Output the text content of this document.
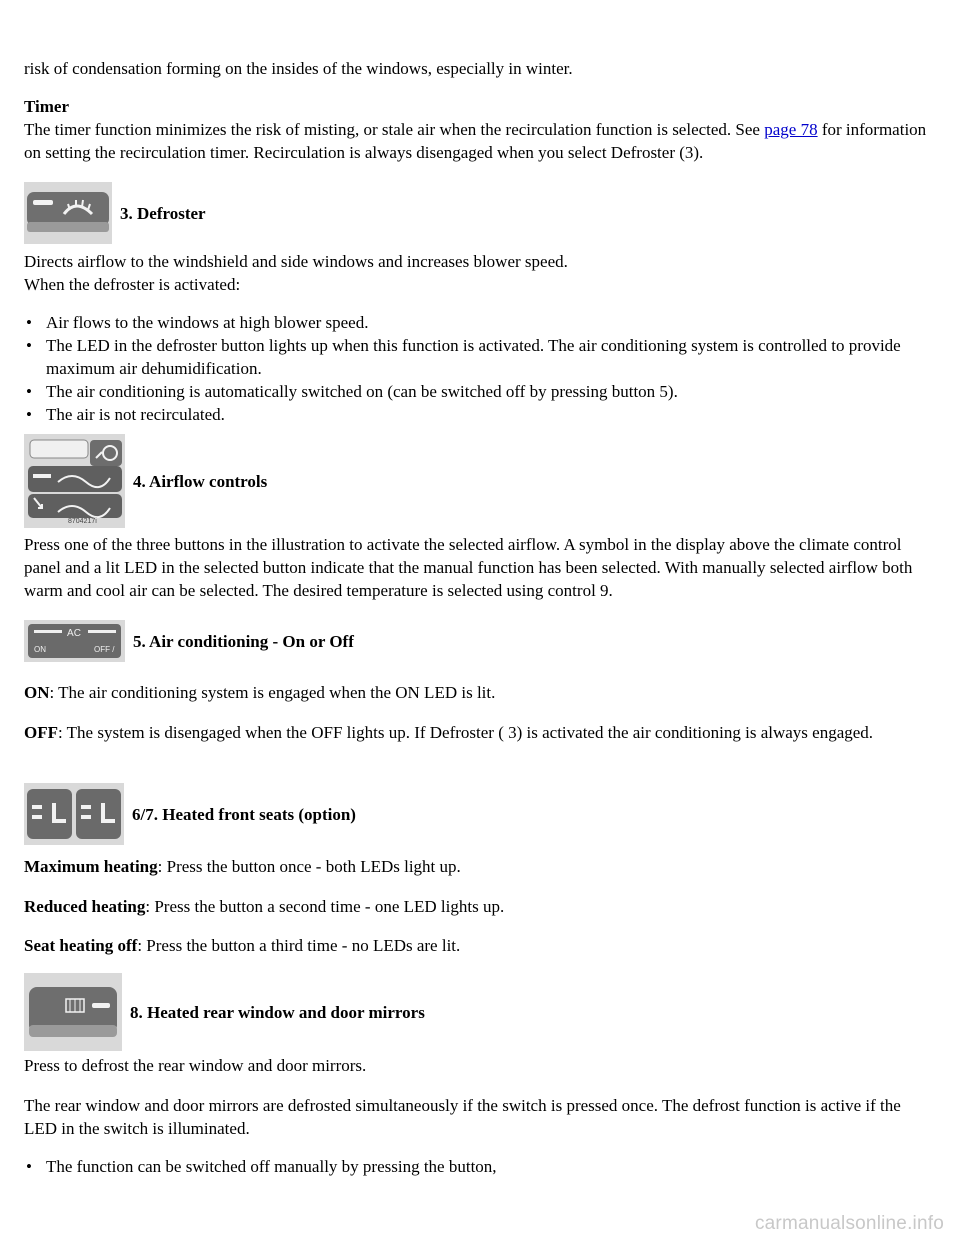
risk of condensation forming on the insides of the windows, especially in winter.

Timer

The timer function minimizes the risk of misting, or stale air when the recirculation function is selected. See page 78 for information on setting the recirculation timer. Recirculation is always disengaged when you select Defroster (3).

3. Defroster

Directs airflow to the windshield and side windows and increases blower speed.

When the defroster is activated:

• Air flows to the windows at high blower speed.
• The LED in the defroster button lights up when this function is activated. The air conditioning system is controlled to provide maximum air dehumidification.
• The air conditioning is automatically switched on (can be switched off by pressing button 5).
• The air is not recirculated.
4. Airflow controls
8704217i

Press one of the three buttons in the illustration to activate the selected airflow. A symbol in the display above the climate control panel and a lit LED in the selected button indicate that the manual function has been selected. With manually selected airflow both warm and cool air can be selected. The desired temperature is selected using control 9.

AC
ON	OFF / 5. Air conditioning - On or Off

ON: The air conditioning system is engaged when the ON LED is lit.

OFF: The system is disengaged when the OFF lights up. If Defroster ( 3) is activated the air conditioning is always engaged.

6/7. Heated front seats (option)

Maximum heating: Press the button once - both LEDs light up.

Reduced heating: Press the button a second time - one LED lights up.

Seat heating off: Press the button a third time - no LEDs are lit.

8. Heated rear window and door mirrors

Press to defrost the rear window and door mirrors.

The rear window and door mirrors are defrosted simultaneously if the switch is pressed once. The defrost function is active if the LED in the switch is illuminated.

• The function can be switched off manually by pressing the button,
carmanualsonline.info
